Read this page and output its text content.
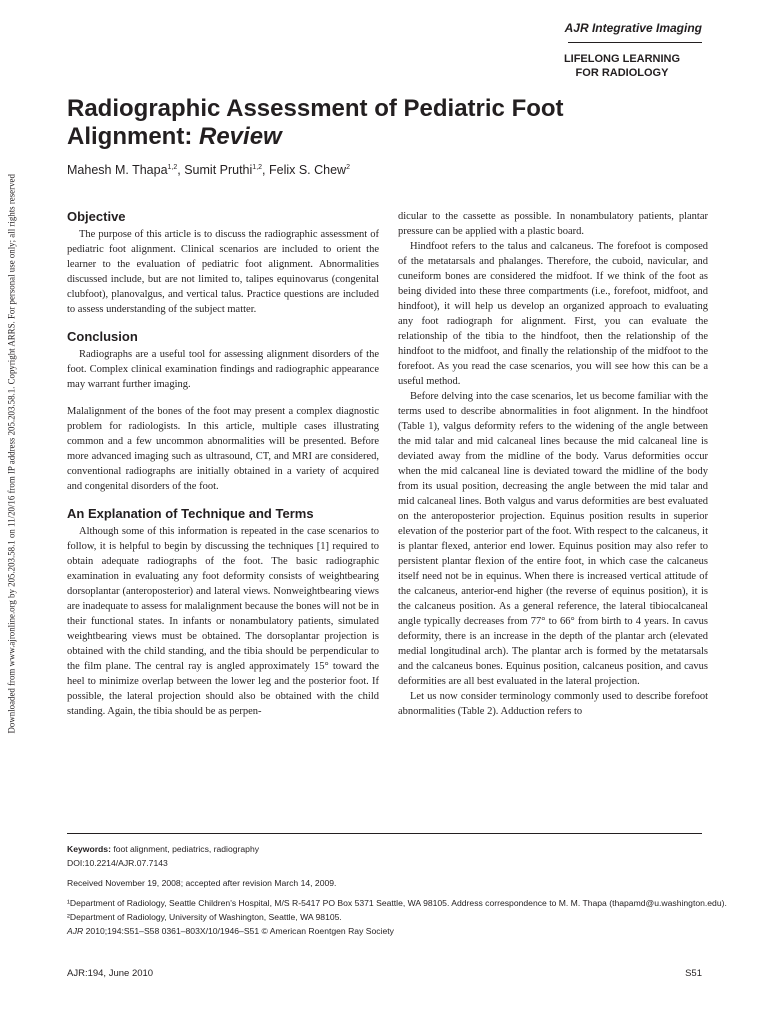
AJR Integrative Imaging
LIFELONG LEARNING
FOR RADIOLOGY
Radiographic Assessment of Pediatric Foot
Alignment: Review
Mahesh M. Thapa$^{1,2}$, Sumit Pruthi$^{1,2}$, Felix S. Chew$^2$
Downloaded from www.ajronline.org by 205.203.58.1 on 11/20/16 from IP address 205.203.58.1. Copyright ARRS. For personal use only; all rights reserved	Objective

The purpose of this article is to discuss the radiographic assessment of pediatric foot alignment. Clinical scenarios are included to orient the learner to the evaluation of pediatric foot alignment. Abnormalities discussed include, but are not limited to, talipes equinovarus (congenital clubfoot), planovalgus, and vertical talus. Practice questions are included to assess understanding of the subject matter.

Conclusion

Radiographs are a useful tool for assessing alignment disorders of the foot. Complex clinical examination findings and radiographic appearance may warrant further imaging.

Malalignment of the bones of the foot may present a complex diagnostic problem for radiologists. In this article, multiple cases illustrating common and a few uncommon abnormalities will be presented. Before more advanced imaging such as ultrasound, CT, and MRI are considered, conventional radiographs are initially obtained in a variety of acquired and congenital disorders of the foot.

An Explanation of Technique and Terms

Although some of this information is repeated in the case scenarios to follow, it is helpful to begin by discussing the techniques [1] required to obtain adequate radiographs of the foot. The basic radiographic examination in evaluating any foot deformity consists of weightbearing dorsoplantar (anteroposterior) and lateral views. Nonweightbearing views are inadequate to assess for malalignment because the bones will not be in their functional states. In infants or nonambulatory patients, simulated weightbearing views must be obtained. The dorsoplantar projection is obtained with the child standing, and the tibia should be perpendicular to the film plane. The central ray is angled approximately 15° toward the heel to minimize overlap between the lower leg and the posterior foot. If possible, the lateral projection should also be obtained with the child standing. Again, the tibia should be as perpen-

dicular to the cassette as possible. In nonambulatory patients, plantar pressure can be applied with a plastic board.

Hindfoot refers to the talus and calcaneus. The forefoot is composed of the metatarsals and phalanges. Therefore, the cuboid, navicular, and cuneiform bones are considered the midfoot. If we think of the foot as being divided into these three compartments (i.e., forefoot, midfoot, and hindfoot), it will help us develop an organized approach to evaluating any foot radiograph for alignment. First, you can evaluate the relationship of the tibia to the hindfoot, then the relationship of the hindfoot to the midfoot, and finally the relationship of the midfoot to the forefoot. As you read the case scenarios, you will see how this can be a useful method.

Before delving into the case scenarios, let us become familiar with the terms used to describe abnormalities in foot alignment. In the hindfoot (Table 1), valgus deformity refers to the widening of the angle between the mid talar and mid calcaneal lines because the mid calcaneal line is deviated away from the midline of the body. Varus deformities occur when the mid calcaneal line is deviated toward the midline of the body from its usual position, decreasing the angle between the mid talar and mid calcaneal lines. Both valgus and varus deformities are best evaluated on the anteroposterior projection. Equinus position results in superior elevation of the posterior part of the foot. With respect to the calcaneus, it is plantar flexed, anterior end lower. Equinus position may also refer to persistent plantar flexion of the entire foot, in which case the calcaneus itself need not be in equinus. When there is increased vertical attitude of the calcaneus, anterior-end higher (the reverse of equinus position), it is the calcaneus position. As a general reference, the lateral tibiocalcaneal angle typically decreases from 77° to 66° from birth to 4 years. In cavus deformity, there is an increase in the depth of the plantar arch (elevated medial longitudinal arch). The plantar arch is formed by the metatarsals and the calcaneus bones. Equinus position, calcaneus position, and cavus deformities are all best evaluated in the lateral projection.

Let us now consider terminology commonly used to describe forefoot abnormalities (Table 2). Adduction refers to

Keywords: foot alignment, pediatrics, radiography
DOI:10.2214/AJR.07.7143
Received November 19, 2008; accepted after revision March 14, 2009.
¹Department of Radiology, Seattle Children's Hospital, M/S R-5417 PO Box 5371 Seattle, WA 98105. Address correspondence to M. M. Thapa (thapamd@u.washington.edu).
²Department of Radiology, University of Washington, Seattle, WA 98105.
AJR 2010;194:S51–S58 0361–803X/10/1946–S51 © American Roentgen Ray Society
AJR:194, June 2010	S51
